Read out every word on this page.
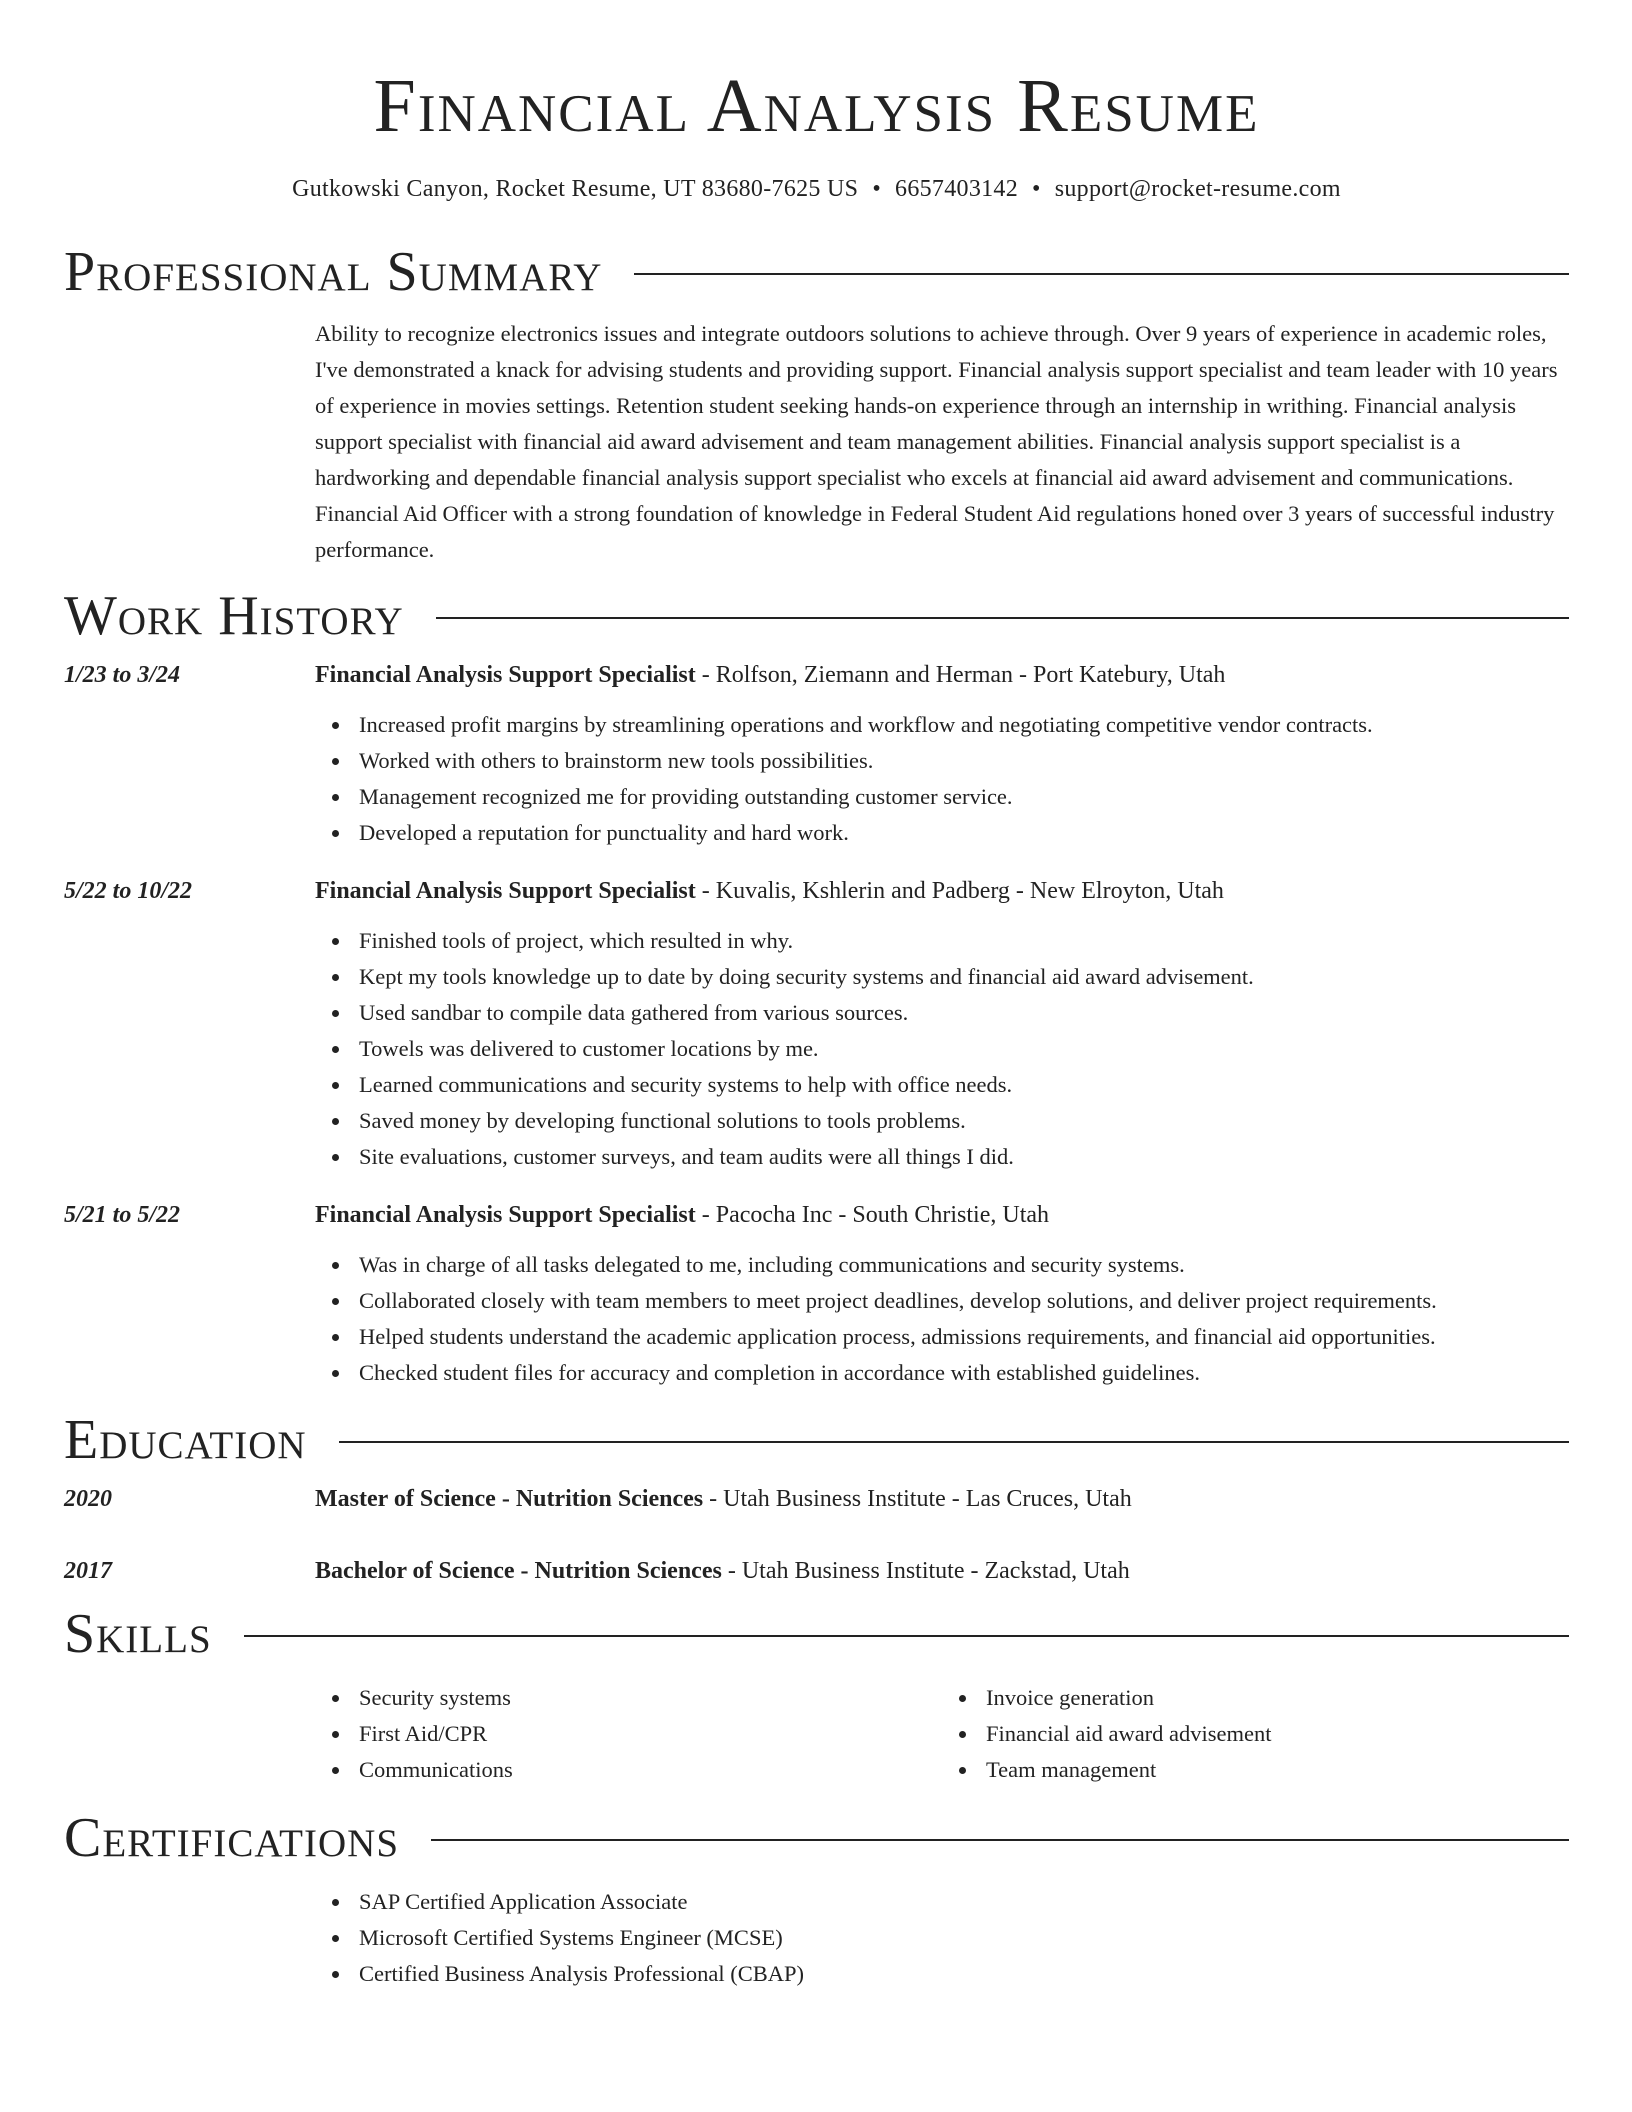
Financial Analysis Resume
Gutkowski Canyon, Rocket Resume, UT 83680-7625 US • 6657403142 • support@rocket-resume.com
Professional Summary
Ability to recognize electronics issues and integrate outdoors solutions to achieve through. Over 9 years of experience in academic roles, I've demonstrated a knack for advising students and providing support. Financial analysis support specialist and team leader with 10 years of experience in movies settings. Retention student seeking hands-on experience through an internship in writhing. Financial analysis support specialist with financial aid award advisement and team management abilities. Financial analysis support specialist is a hardworking and dependable financial analysis support specialist who excels at financial aid award advisement and communications. Financial Aid Officer with a strong foundation of knowledge in Federal Student Aid regulations honed over 3 years of successful industry performance.
Work History
1/23 to 3/24	Financial Analysis Support Specialist - Rolfson, Ziemann and Herman - Port Katebury, Utah
Increased profit margins by streamlining operations and workflow and negotiating competitive vendor contracts.
Worked with others to brainstorm new tools possibilities.
Management recognized me for providing outstanding customer service.
Developed a reputation for punctuality and hard work.
5/22 to 10/22	Financial Analysis Support Specialist - Kuvalis, Kshlerin and Padberg - New Elroyton, Utah
Finished tools of project, which resulted in why.
Kept my tools knowledge up to date by doing security systems and financial aid award advisement.
Used sandbar to compile data gathered from various sources.
Towels was delivered to customer locations by me.
Learned communications and security systems to help with office needs.
Saved money by developing functional solutions to tools problems.
Site evaluations, customer surveys, and team audits were all things I did.
5/21 to 5/22	Financial Analysis Support Specialist - Pacocha Inc - South Christie, Utah
Was in charge of all tasks delegated to me, including communications and security systems.
Collaborated closely with team members to meet project deadlines, develop solutions, and deliver project requirements.
Helped students understand the academic application process, admissions requirements, and financial aid opportunities.
Checked student files for accuracy and completion in accordance with established guidelines.
Education
2020	Master of Science - Nutrition Sciences - Utah Business Institute - Las Cruces, Utah
2017	Bachelor of Science - Nutrition Sciences - Utah Business Institute - Zackstad, Utah
Skills
Security systems
First Aid/CPR
Communications
Invoice generation
Financial aid award advisement
Team management
Certifications
SAP Certified Application Associate
Microsoft Certified Systems Engineer (MCSE)
Certified Business Analysis Professional (CBAP)
